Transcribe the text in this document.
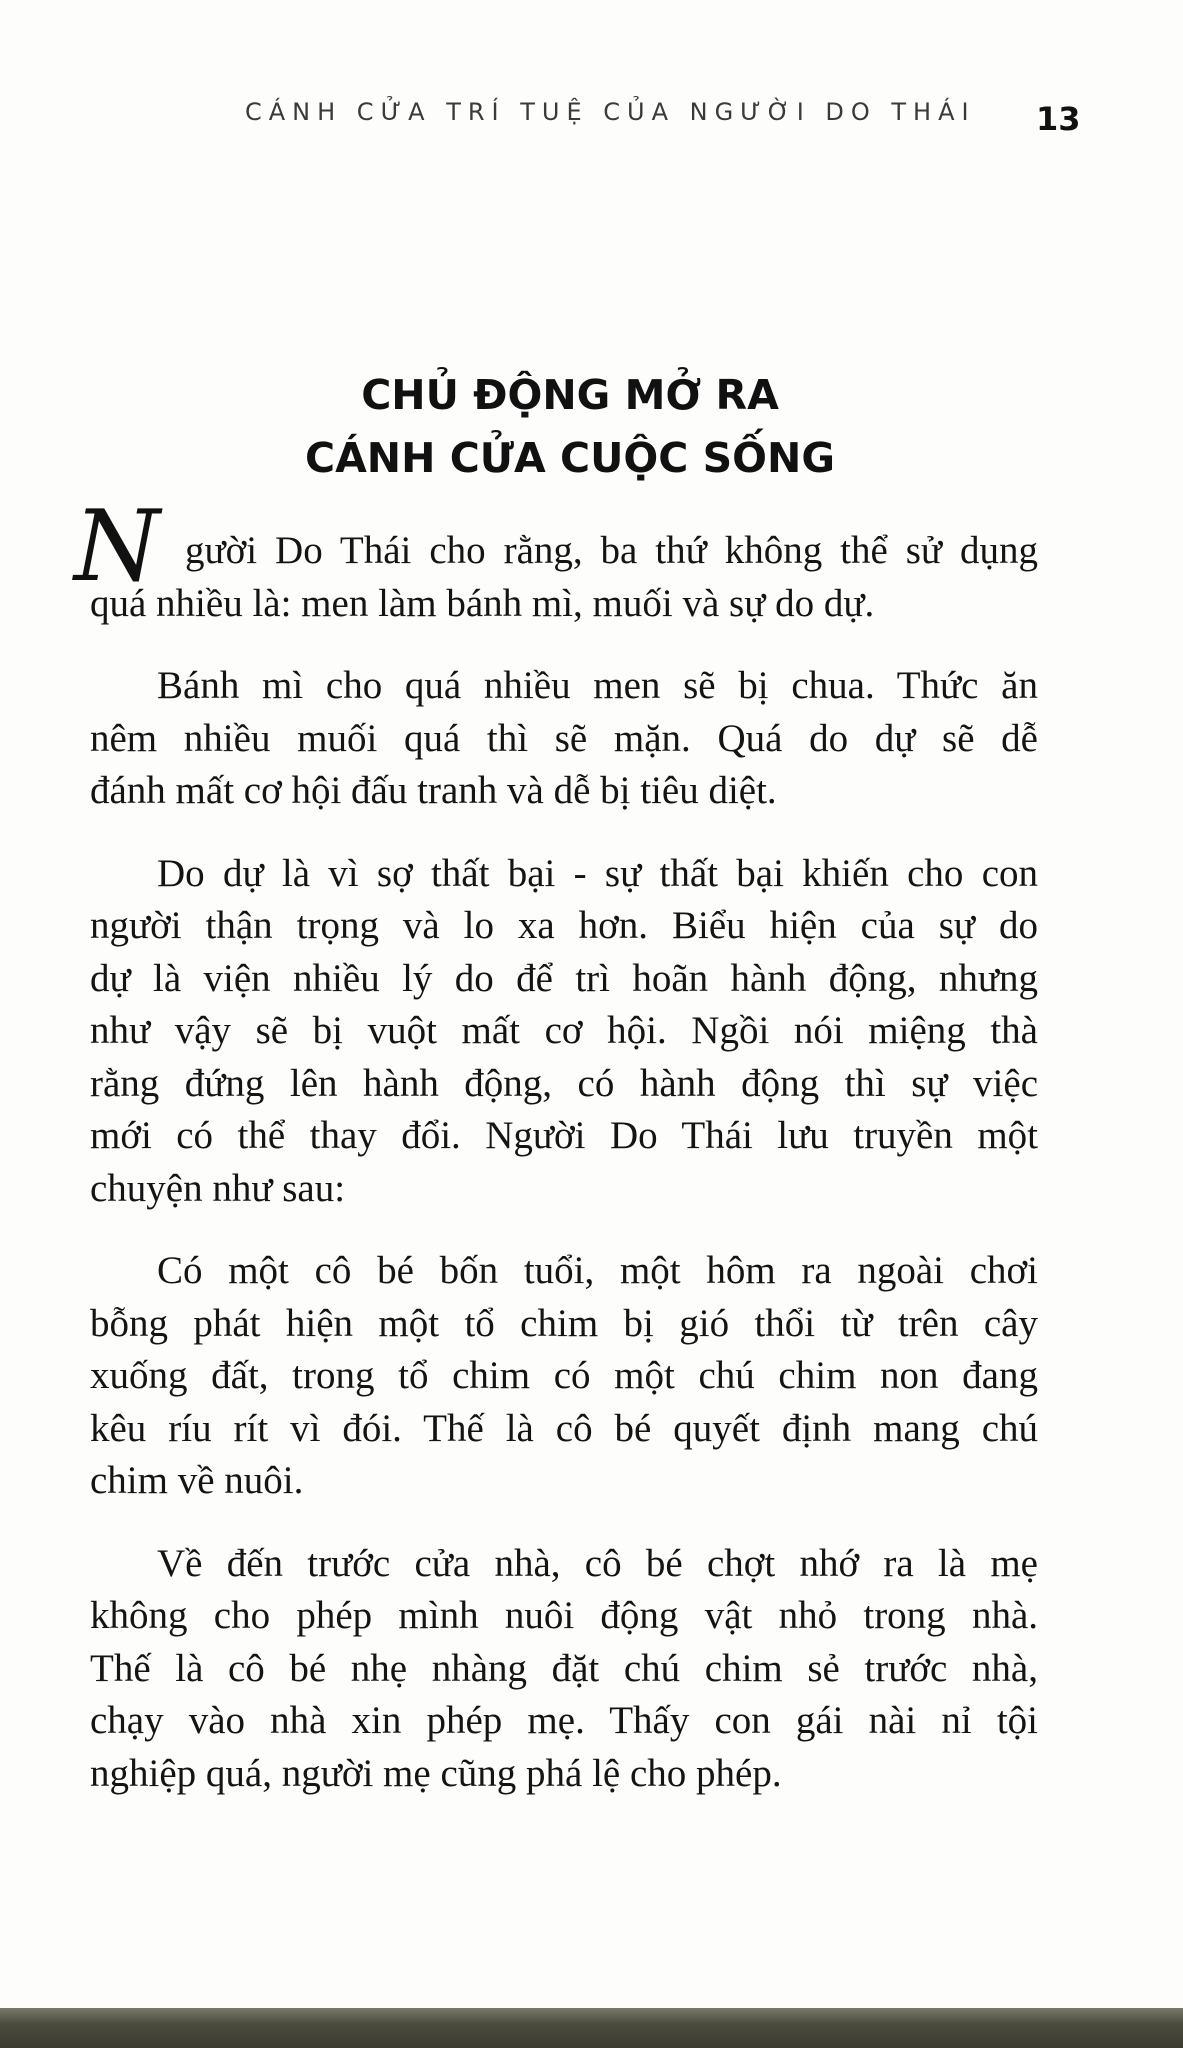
CÁNH CỬA TRÍ TUỆ CỦA NGƯỜI DO THÁI 13
CHỦ ĐỘNG MỞ RA
CÁNH CỬA CUỘC SỐNG
N gười Do Thái cho rằng, ba thứ không thể sử dụng
quá nhiều là: men làm bánh mì, muối và sự do dự.
Bánh mì cho quá nhiều men sẽ bị chua. Thức ăn
nêm nhiều muối quá thì sẽ mặn. Quá do dự sẽ dễ
đánh mất cơ hội đấu tranh và dễ bị tiêu diệt.
Do dự là vì sợ thất bại - sự thất bại khiến cho con
người thận trọng và lo xa hơn. Biểu hiện của sự do
dự là viện nhiều lý do để trì hoãn hành động, nhưng
như vậy sẽ bị vuột mất cơ hội. Ngồi nói miệng thà
rằng đứng lên hành động, có hành động thì sự việc
mới có thể thay đổi. Người Do Thái lưu truyền một
chuyện như sau:
Có một cô bé bốn tuổi, một hôm ra ngoài chơi
bỗng phát hiện một tổ chim bị gió thổi từ trên cây
xuống đất, trong tổ chim có một chú chim non đang
kêu ríu rít vì đói. Thế là cô bé quyết định mang chú
chim về nuôi.
Về đến trước cửa nhà, cô bé chợt nhớ ra là mẹ
không cho phép mình nuôi động vật nhỏ trong nhà.
Thế là cô bé nhẹ nhàng đặt chú chim sẻ trước nhà,
chạy vào nhà xin phép mẹ. Thấy con gái nài nỉ tội
nghiệp quá, người mẹ cũng phá lệ cho phép.
